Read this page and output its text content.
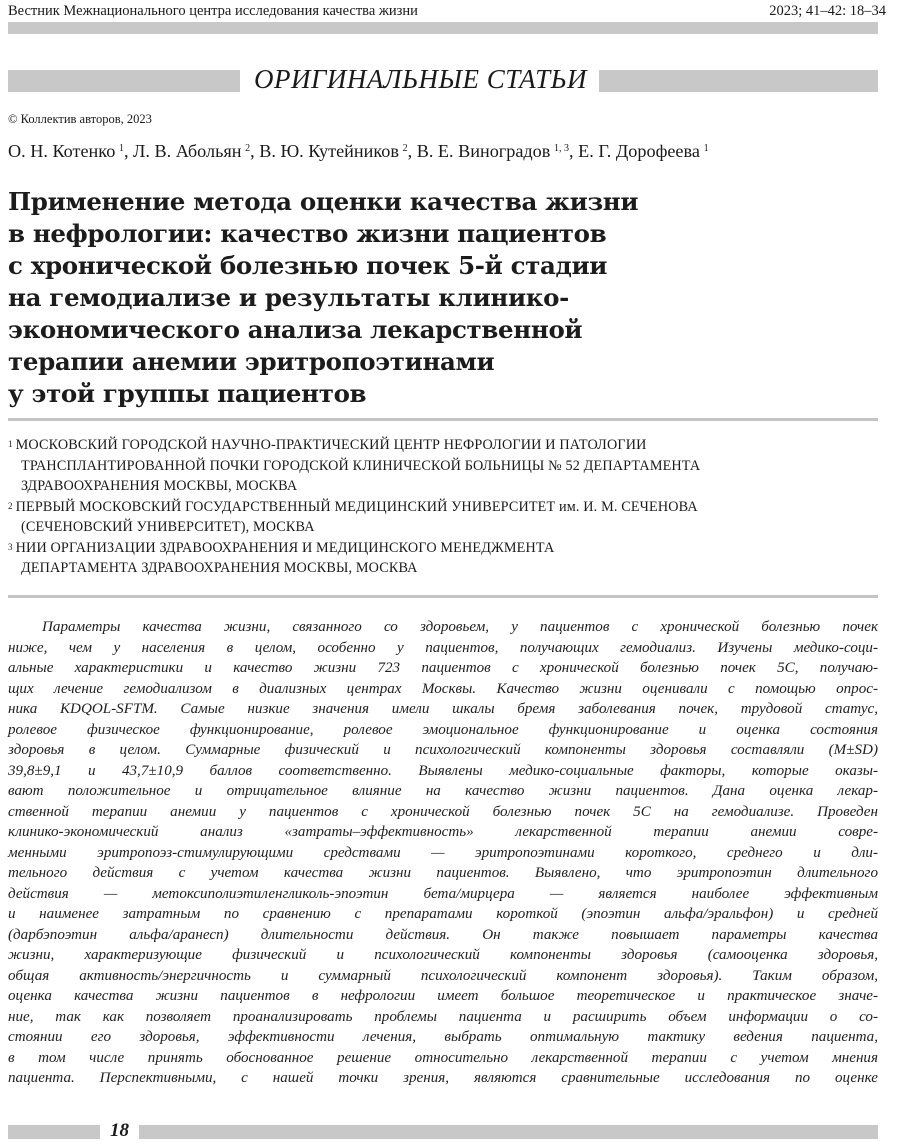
Вестник Межнационального центра исследования качества жизни	2023; 41–42: 18–34
ОРИГИНАЛЬНЫЕ СТАТЬИ
© Коллектив авторов, 2023
О. Н. Котенко  $^1$, Л. В. Абольян  $^2$, В. Ю. Кутейников  $^2$, В. Е. Виноградов  $^{1, 3}$, Е. Г. Дорофеева  $^1$
Применение метода оценки качества жизни
в нефрологии: качество жизни пациентов
с хронической болезнью почек 5-й стадии
на гемодиализе и результаты клинико-
экономического анализа лекарственной
терапии анемии эритропоэтинами
у этой группы пациентов
$^1$ МОСКОВСКИЙ ГОРОДСКОЙ НАУЧНО-ПРАКТИЧЕСКИЙ ЦЕНТР НЕФРОЛОГИИ И ПАТОЛОГИИ
ТРАНСПЛАНТИРОВАННОЙ ПОЧКИ ГОРОДСКОЙ КЛИНИЧЕСКОЙ БОЛЬНИЦЫ № 52 ДЕПАРТАМЕНТА
ЗДРАВООХРАНЕНИЯ МОСКВЫ, МОСКВА
$^2$ ПЕРВЫЙ МОСКОВСКИЙ ГОСУДАРСТВЕННЫЙ МЕДИЦИНСКИЙ УНИВЕРСИТЕТ им. И. М. СЕЧЕНОВА
(СЕЧЕНОВСКИЙ УНИВЕРСИТЕТ), МОСКВА
$^3$ НИИ ОРГАНИЗАЦИИ ЗДРАВООХРАНЕНИЯ И МЕДИЦИНСКОГО МЕНЕДЖМЕНТА
ДЕПАРТАМЕНТА ЗДРАВООХРАНЕНИЯ МОСКВЫ, МОСКВА

Параметры качества жизни, связанного со здоровьем, у пациентов с хронической болезнью почек
ниже, чем у населения в целом, особенно у пациентов, получающих гемодиализ. Изучены медико-соци-
альные характеристики и качество жизни 723 пациентов с хронической болезнью почек 5С, получаю-
щих лечение гемодиализом в диализных центрах Москвы. Качество жизни оценивали с помощью опрос-
ника KDQOL-SFTM. Самые низкие значения имели шкалы бремя заболевания почек, трудовой статус,
ролевое физическое функционирование, ролевое эмоциональное функционирование и оценка состояния
здоровья в целом. Суммарные физический и психологический компоненты здоровья составляли (M±SD)
39,8±9,1 и 43,7±10,9 баллов соответственно. Выявлены медико-социальные факторы, которые оказы-
вают положительное и отрицательное влияние на качество жизни пациентов. Дана оценка лекар-
ственной терапии анемии у пациентов с хронической болезнью почек 5С на гемодиализе. Проведен
клинико-экономический анализ «затраты–эффективность» лекарственной терапии анемии совре-
менными эритропоэз-стимулирующими средствами — эритропоэтинами короткого, среднего и дли-
тельного действия с учетом качества жизни пациентов. Выявлено, что эритропоэтин длительного
действия — метоксиполиэтиленгликоль-эпоэтин бета/мирцера — является наиболее эффективным
и наименее затратным по сравнению с препаратами короткой (эпоэтин альфа/эральфон) и средней
(дарбэпоэтин альфа/аранесп) длительности действия. Он также повышает параметры качества
жизни, характеризующие физический и психологический компоненты здоровья (самооценка здоровья,
общая активность/энергичность и суммарный психологический компонент здоровья). Таким образом,
оценка качества жизни пациентов в нефрологии имеет большое теоретическое и практическое значе-
ние, так как позволяет проанализировать проблемы пациента и расширить объем информации о со-
стоянии его здоровья, эффективности лечения, выбрать оптимальную тактику ведения пациента,
в том числе принять обоснованное решение относительно лекарственной терапии с учетом мнения
пациента. Перспективными, с нашей точки зрения, являются сравнительные исследования по оценке

18
